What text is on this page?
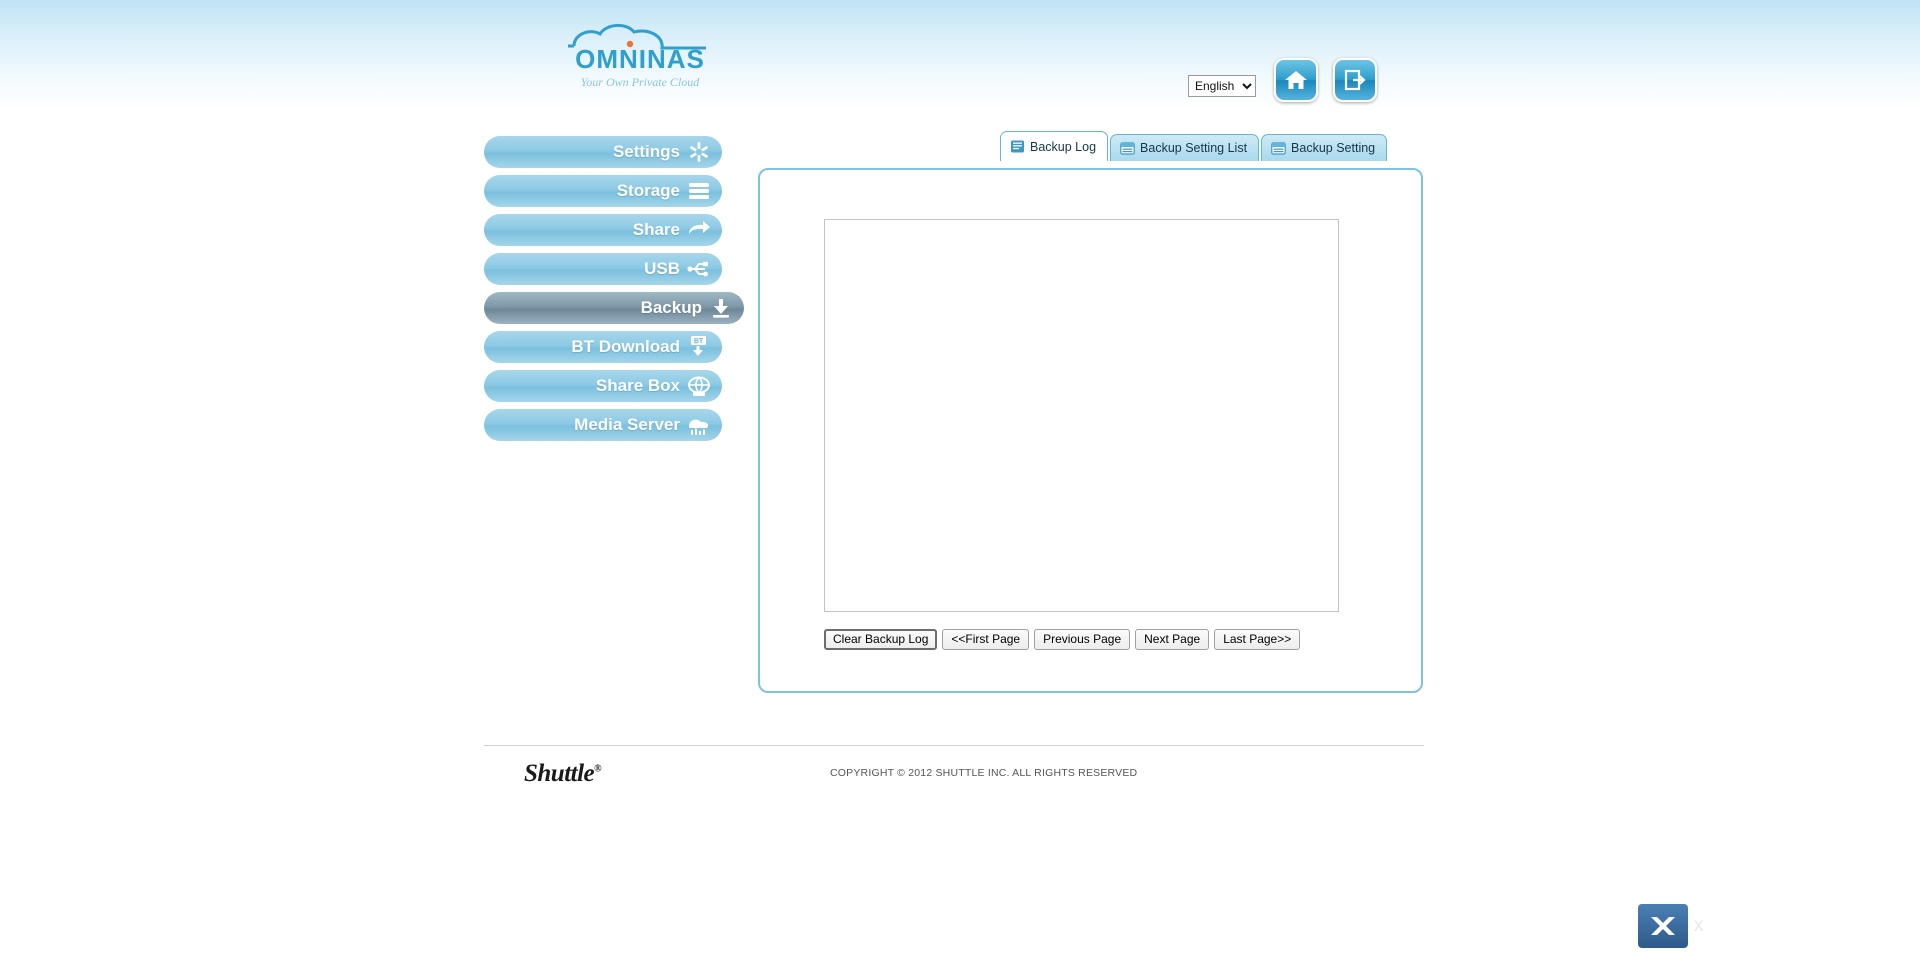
OMNINAS
Your Own Private Cloud
English
Settings
Storage
Share
USB
Backup
BT Download BT
Share Box
Media Server
Backup Log	Backup Setting List	Backup Setting
Clear Backup Log	<<First Page	Previous Page	Next Page	Last Page>>
Shuttle®	COPYRIGHT © 2012 SHUTTLE INC. ALL RIGHTS RESERVED
xtremehardware.com
